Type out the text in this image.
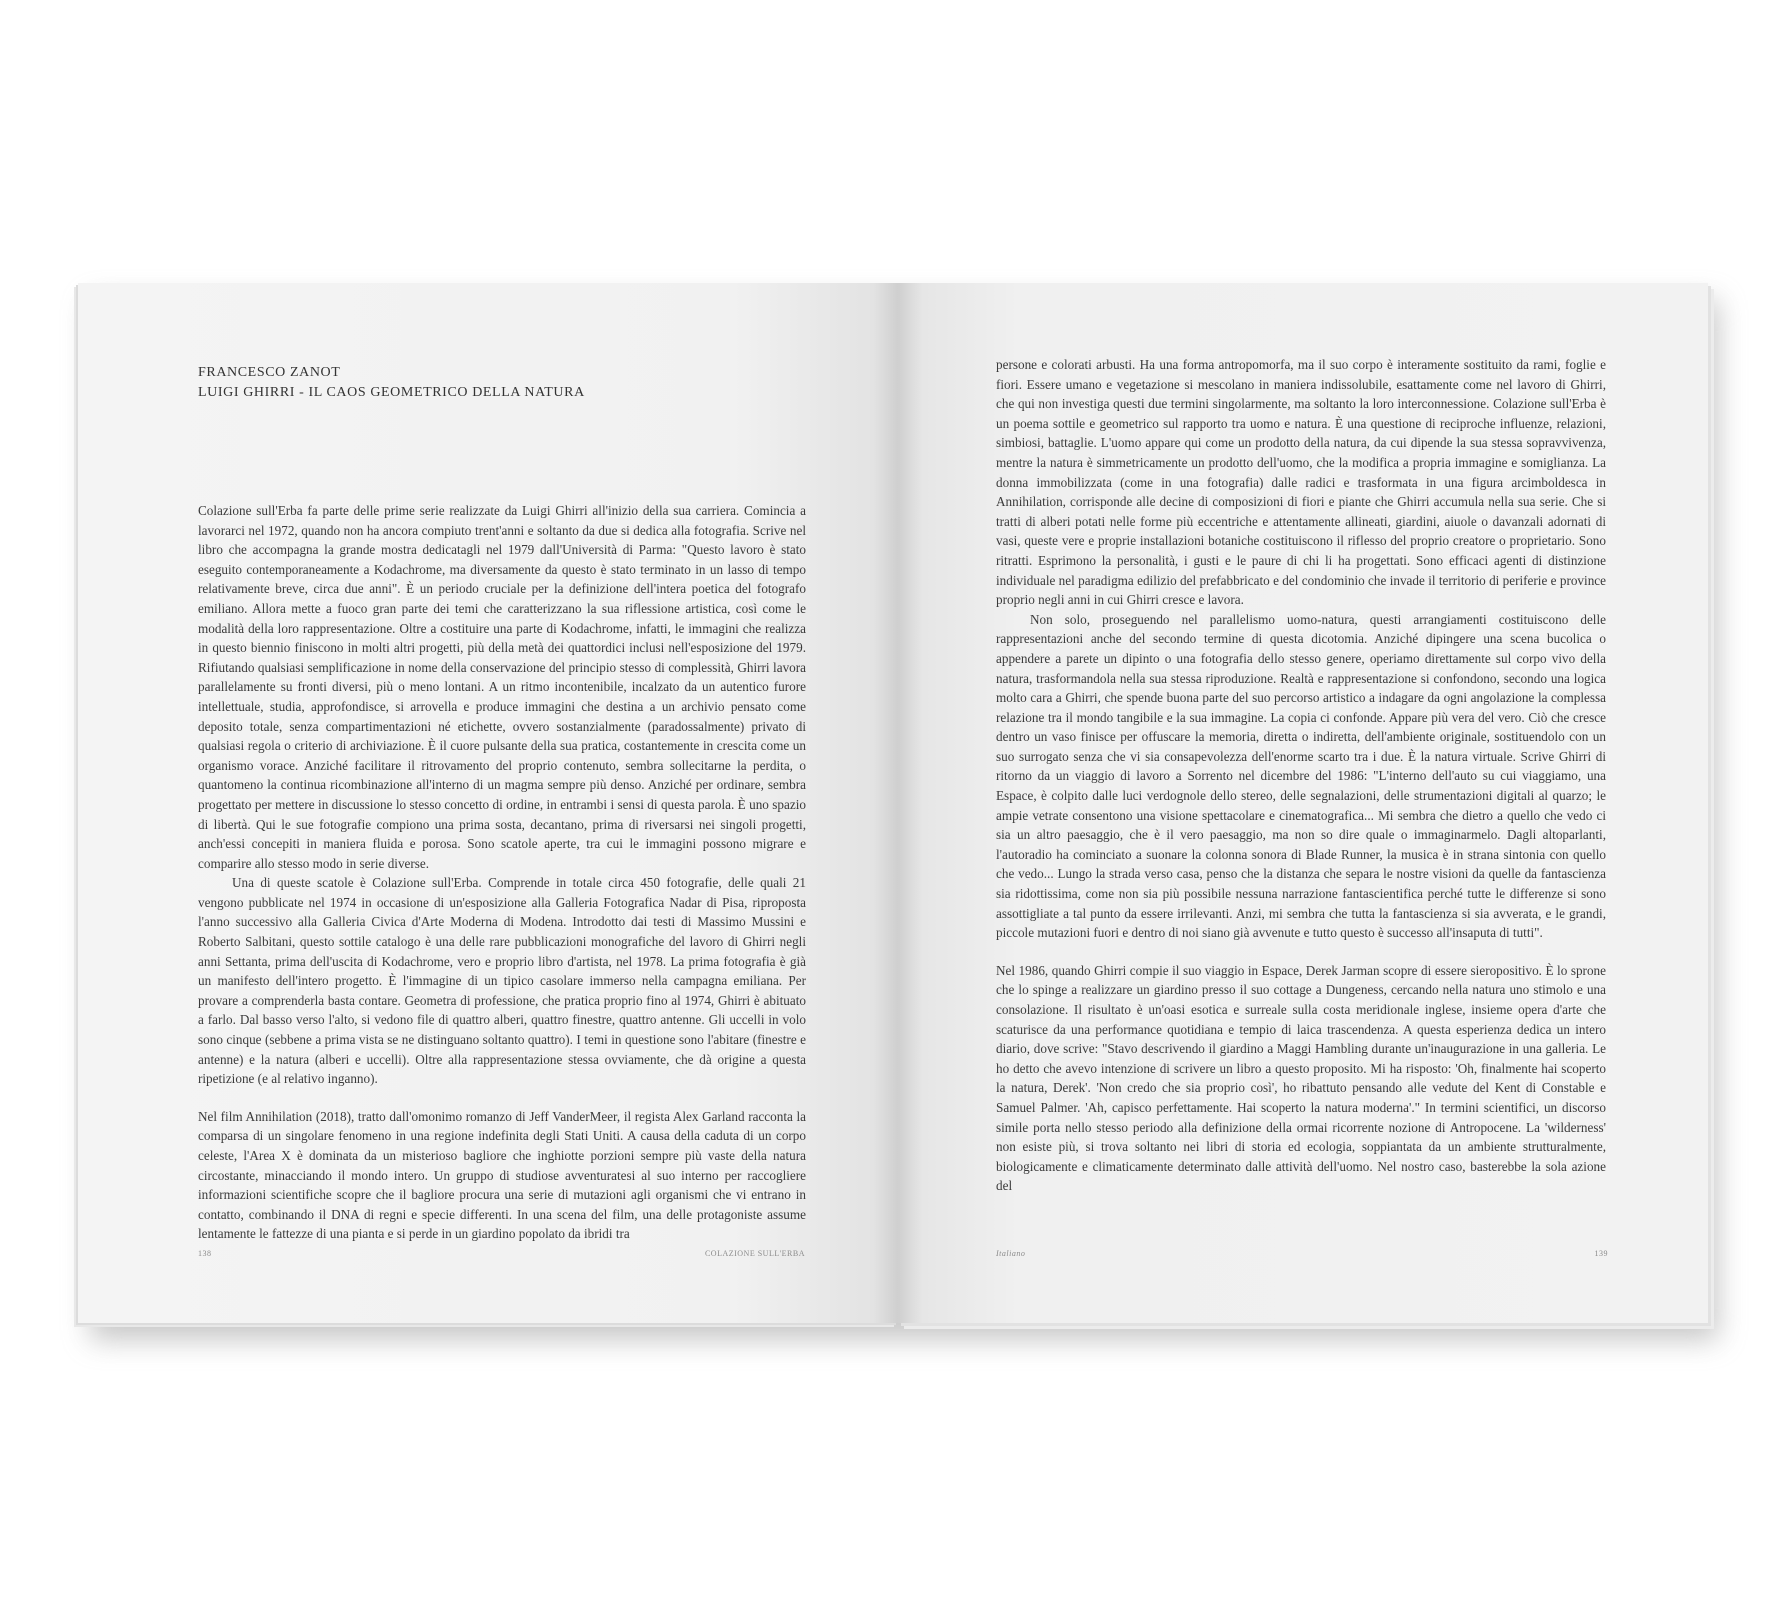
FRANCESCO ZANOT
LUIGI GHIRRI - IL CAOS GEOMETRICO DELLA NATURA

Colazione sull'Erba fa parte delle prime serie realizzate da Luigi Ghirri all'inizio della sua carriera. Comincia a lavorarci nel 1972, quando non ha ancora compiuto trent'anni e soltanto da due si dedica alla fotografia. Scrive nel libro che accompagna la grande mostra dedicatagli nel 1979 dall'Università di Parma: "Questo lavoro è stato eseguito contemporaneamente a Kodachrome, ma diversamente da questo è stato terminato in un lasso di tempo relativamente breve, circa due anni". È un periodo cruciale per la definizione dell'intera poetica del fotografo emiliano. Allora mette a fuoco gran parte dei temi che caratterizzano la sua riflessione artistica, così come le modalità della loro rappresentazione. Oltre a costituire una parte di Kodachrome, infatti, le immagini che realizza in questo biennio finiscono in molti altri progetti, più della metà dei quattordici inclusi nell'esposizione del 1979. Rifiutando qualsiasi semplificazione in nome della conservazione del principio stesso di complessità, Ghirri lavora parallelamente su fronti diversi, più o meno lontani. A un ritmo incontenibile, incalzato da un autentico furore intellettuale, studia, approfondisce, si arrovella e produce immagini che destina a un archivio pensato come deposito totale, senza compartimentazioni né etichette, ovvero sostanzialmente (paradossalmente) privato di qualsiasi regola o criterio di archiviazione. È il cuore pulsante della sua pratica, costantemente in crescita come un organismo vorace. Anziché facilitare il ritrovamento del proprio contenuto, sembra sollecitarne la perdita, o quantomeno la continua ricombinazione all'interno di un magma sempre più denso. Anziché per ordinare, sembra progettato per mettere in discussione lo stesso concetto di ordine, in entrambi i sensi di questa parola. È uno spazio di libertà. Qui le sue fotografie compiono una prima sosta, decantano, prima di riversarsi nei singoli progetti, anch'essi concepiti in maniera fluida e porosa. Sono scatole aperte, tra cui le immagini possono migrare e comparire allo stesso modo in serie diverse.

Una di queste scatole è Colazione sull'Erba. Comprende in totale circa 450 fotografie, delle quali 21 vengono pubblicate nel 1974 in occasione di un'esposizione alla Galleria Fotografica Nadar di Pisa, riproposta l'anno successivo alla Galleria Civica d'Arte Moderna di Modena. Introdotto dai testi di Massimo Mussini e Roberto Salbitani, questo sottile catalogo è una delle rare pubblicazioni monografiche del lavoro di Ghirri negli anni Settanta, prima dell'uscita di Kodachrome, vero e proprio libro d'artista, nel 1978. La prima fotografia è già un manifesto dell'intero progetto. È l'immagine di un tipico casolare immerso nella campagna emiliana. Per provare a comprenderla basta contare. Geometra di professione, che pratica proprio fino al 1974, Ghirri è abituato a farlo. Dal basso verso l'alto, si vedono file di quattro alberi, quattro finestre, quattro antenne. Gli uccelli in volo sono cinque (sebbene a prima vista se ne distinguano soltanto quattro). I temi in questione sono l'abitare (finestre e antenne) e la natura (alberi e uccelli). Oltre alla rappresentazione stessa ovviamente, che dà origine a questa ripetizione (e al relativo inganno).

Nel film Annihilation (2018), tratto dall'omonimo romanzo di Jeff VanderMeer, il regista Alex Garland racconta la comparsa di un singolare fenomeno in una regione indefinita degli Stati Uniti. A causa della caduta di un corpo celeste, l'Area X è dominata da un misterioso bagliore che inghiotte porzioni sempre più vaste della natura circostante, minacciando il mondo intero. Un gruppo di studiose avventuratesi al suo interno per raccogliere informazioni scientifiche scopre che il bagliore procura una serie di mutazioni agli organismi che vi entrano in contatto, combinando il DNA di regni e specie differenti. In una scena del film, una delle protagoniste assume lentamente le fattezze di una pianta e si perde in un giardino popolato da ibridi tra

138	COLAZIONE SULL'ERBA

persone e colorati arbusti. Ha una forma antropomorfa, ma il suo corpo è interamente sostituito da rami, foglie e fiori. Essere umano e vegetazione si mescolano in maniera indissolubile, esattamente come nel lavoro di Ghirri, che qui non investiga questi due termini singolarmente, ma soltanto la loro interconnessione. Colazione sull'Erba è un poema sottile e geometrico sul rapporto tra uomo e natura. È una questione di reciproche influenze, relazioni, simbiosi, battaglie. L'uomo appare qui come un prodotto della natura, da cui dipende la sua stessa sopravvivenza, mentre la natura è simmetricamente un prodotto dell'uomo, che la modifica a propria immagine e somiglianza. La donna immobilizzata (come in una fotografia) dalle radici e trasformata in una figura arcimboldesca in Annihilation, corrisponde alle decine di composizioni di fiori e piante che Ghirri accumula nella sua serie. Che si tratti di alberi potati nelle forme più eccentriche e attentamente allineati, giardini, aiuole o davanzali adornati di vasi, queste vere e proprie installazioni botaniche costituiscono il riflesso del proprio creatore o proprietario. Sono ritratti. Esprimono la personalità, i gusti e le paure di chi li ha progettati. Sono efficaci agenti di distinzione individuale nel paradigma edilizio del prefabbricato e del condominio che invade il territorio di periferie e province proprio negli anni in cui Ghirri cresce e lavora.

Non solo, proseguendo nel parallelismo uomo-natura, questi arrangiamenti costituiscono delle rappresentazioni anche del secondo termine di questa dicotomia. Anziché dipingere una scena bucolica o appendere a parete un dipinto o una fotografia dello stesso genere, operiamo direttamente sul corpo vivo della natura, trasformandola nella sua stessa riproduzione. Realtà e rappresentazione si confondono, secondo una logica molto cara a Ghirri, che spende buona parte del suo percorso artistico a indagare da ogni angolazione la complessa relazione tra il mondo tangibile e la sua immagine. La copia ci confonde. Appare più vera del vero. Ciò che cresce dentro un vaso finisce per offuscare la memoria, diretta o indiretta, dell'ambiente originale, sostituendolo con un suo surrogato senza che vi sia consapevolezza dell'enorme scarto tra i due. È la natura virtuale. Scrive Ghirri di ritorno da un viaggio di lavoro a Sorrento nel dicembre del 1986: "L'interno dell'auto su cui viaggiamo, una Espace, è colpito dalle luci verdognole dello stereo, delle segnalazioni, delle strumentazioni digitali al quarzo; le ampie vetrate consentono una visione spettacolare e cinematografica... Mi sembra che dietro a quello che vedo ci sia un altro paesaggio, che è il vero paesaggio, ma non so dire quale o immaginarmelo. Dagli altoparlanti, l'autoradio ha cominciato a suonare la colonna sonora di Blade Runner, la musica è in strana sintonia con quello che vedo... Lungo la strada verso casa, penso che la distanza che separa le nostre visioni da quelle da fantascienza sia ridottissima, come non sia più possibile nessuna narrazione fantascientifica perché tutte le differenze si sono assottigliate a tal punto da essere irrilevanti. Anzi, mi sembra che tutta la fantascienza si sia avverata, e le grandi, piccole mutazioni fuori e dentro di noi siano già avvenute e tutto questo è successo all'insaputa di tutti".

Nel 1986, quando Ghirri compie il suo viaggio in Espace, Derek Jarman scopre di essere sieropositivo. È lo sprone che lo spinge a realizzare un giardino presso il suo cottage a Dungeness, cercando nella natura uno stimolo e una consolazione. Il risultato è un'oasi esotica e surreale sulla costa meridionale inglese, insieme opera d'arte che scaturisce da una performance quotidiana e tempio di laica trascendenza. A questa esperienza dedica un intero diario, dove scrive: "Stavo descrivendo il giardino a Maggi Hambling durante un'inaugurazione in una galleria. Le ho detto che avevo intenzione di scrivere un libro a questo proposito. Mi ha risposto: 'Oh, finalmente hai scoperto la natura, Derek'. 'Non credo che sia proprio così', ho ribattuto pensando alle vedute del Kent di Constable e Samuel Palmer. 'Ah, capisco perfettamente. Hai scoperto la natura moderna'." In termini scientifici, un discorso simile porta nello stesso periodo alla definizione della ormai ricorrente nozione di Antropocene. La 'wilderness' non esiste più, si trova soltanto nei libri di storia ed ecologia, soppiantata da un ambiente strutturalmente, biologicamente e climaticamente determinato dalle attività dell'uomo. Nel nostro caso, basterebbe la sola azione del

Italiano	139
